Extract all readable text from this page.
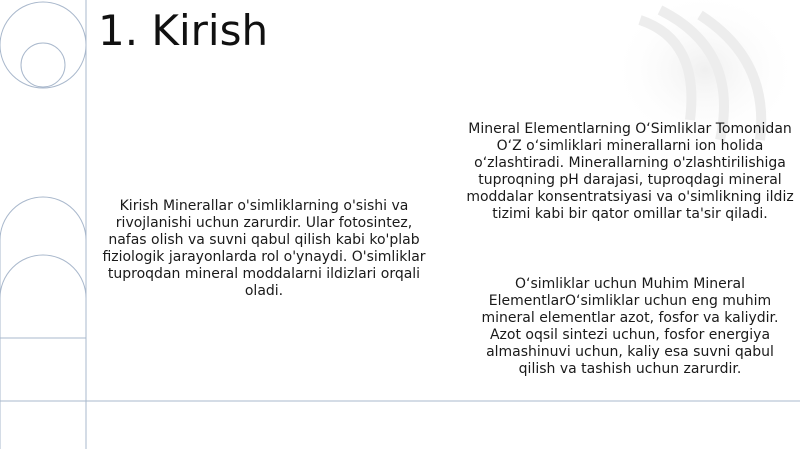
1. Kirish

Kirish Minerallar o'simliklarning o'sishi va rivojlanishi uchun zarurdir. Ular fotosintez, nafas olish va suvni qabul qilish kabi ko'plab fiziologik jarayonlarda rol o'ynaydi. O'simliklar tuproqdan mineral moddalarni ildizlari orqali oladi.

Mineral Elementlarning O‘Simliklar Tomonidan O‘Z o‘simliklari minerallarni ion holida o‘zlashtiradi. Minerallarning o'zlashtirilishiga tuproqning pH darajasi, tuproqdagi mineral moddalar konsentratsiyasi va o'simlikning ildiz tizimi kabi bir qator omillar ta'sir qiladi.

O‘simliklar uchun Muhim Mineral ElementlarO‘simliklar uchun eng muhim mineral elementlar azot, fosfor va kaliydir. Azot oqsil sintezi uchun, fosfor energiya almashinuvi uchun, kaliy esa suvni qabul qilish va tashish uchun zarurdir.
